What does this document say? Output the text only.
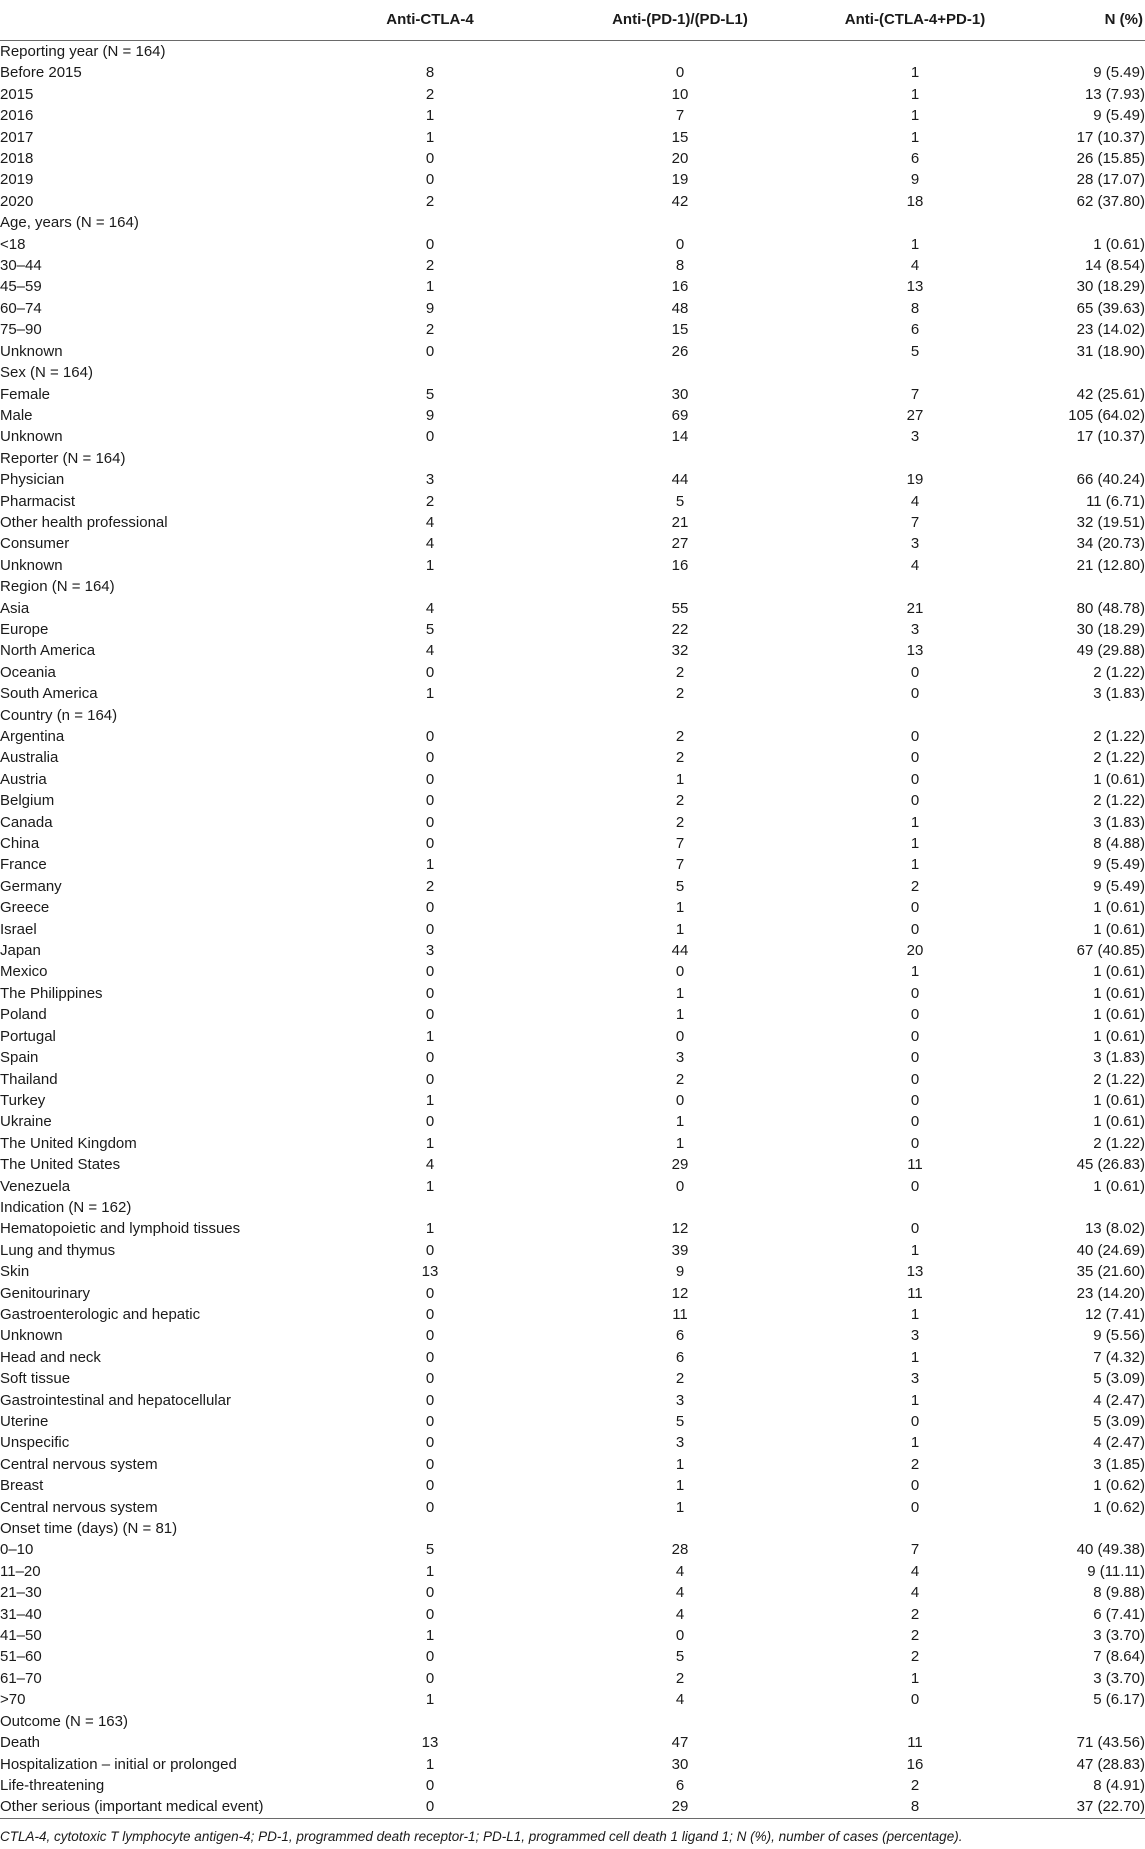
	Anti-CTLA-4	Anti-(PD-1)/(PD-L1)	Anti-(CTLA-4+PD-1)	N (%)
Reporting year (N = 164)				
Before 2015	8	0	1	9 (5.49)
2015	2	10	1	13 (7.93)
2016	1	7	1	9 (5.49)
2017	1	15	1	17 (10.37)
2018	0	20	6	26 (15.85)
2019	0	19	9	28 (17.07)
2020	2	42	18	62 (37.80)
Age, years (N = 164)				
<18	0	0	1	1 (0.61)
30–44	2	8	4	14 (8.54)
45–59	1	16	13	30 (18.29)
60–74	9	48	8	65 (39.63)
75–90	2	15	6	23 (14.02)
Unknown	0	26	5	31 (18.90)
Sex (N = 164)				
Female	5	30	7	42 (25.61)
Male	9	69	27	105 (64.02)
Unknown	0	14	3	17 (10.37)
Reporter (N = 164)				
Physician	3	44	19	66 (40.24)
Pharmacist	2	5	4	11 (6.71)
Other health professional	4	21	7	32 (19.51)
Consumer	4	27	3	34 (20.73)
Unknown	1	16	4	21 (12.80)
Region (N = 164)				
Asia	4	55	21	80 (48.78)
Europe	5	22	3	30 (18.29)
North America	4	32	13	49 (29.88)
Oceania	0	2	0	2 (1.22)
South America	1	2	0	3 (1.83)
Country (n = 164)				
Argentina	0	2	0	2 (1.22)
Australia	0	2	0	2 (1.22)
Austria	0	1	0	1 (0.61)
Belgium	0	2	0	2 (1.22)
Canada	0	2	1	3 (1.83)
China	0	7	1	8 (4.88)
France	1	7	1	9 (5.49)
Germany	2	5	2	9 (5.49)
Greece	0	1	0	1 (0.61)
Israel	0	1	0	1 (0.61)
Japan	3	44	20	67 (40.85)
Mexico	0	0	1	1 (0.61)
The Philippines	0	1	0	1 (0.61)
Poland	0	1	0	1 (0.61)
Portugal	1	0	0	1 (0.61)
Spain	0	3	0	3 (1.83)
Thailand	0	2	0	2 (1.22)
Turkey	1	0	0	1 (0.61)
Ukraine	0	1	0	1 (0.61)
The United Kingdom	1	1	0	2 (1.22)
The United States	4	29	11	45 (26.83)
Venezuela	1	0	0	1 (0.61)
Indication (N = 162)				
Hematopoietic and lymphoid tissues	1	12	0	13 (8.02)
Lung and thymus	0	39	1	40 (24.69)
Skin	13	9	13	35 (21.60)
Genitourinary	0	12	11	23 (14.20)
Gastroenterologic and hepatic	0	11	1	12 (7.41)
Unknown	0	6	3	9 (5.56)
Head and neck	0	6	1	7 (4.32)
Soft tissue	0	2	3	5 (3.09)
Gastrointestinal and hepatocellular	0	3	1	4 (2.47)
Uterine	0	5	0	5 (3.09)
Unspecific	0	3	1	4 (2.47)
Central nervous system	0	1	2	3 (1.85)
Breast	0	1	0	1 (0.62)
Central nervous system	0	1	0	1 (0.62)
Onset time (days) (N = 81)				
0–10	5	28	7	40 (49.38)
11–20	1	4	4	9 (11.11)
21–30	0	4	4	8 (9.88)
31–40	0	4	2	6 (7.41)
41–50	1	0	2	3 (3.70)
51–60	0	5	2	7 (8.64)
61–70	0	2	1	3 (3.70)
>70	1	4	0	5 (6.17)
Outcome (N = 163)				
Death	13	47	11	71 (43.56)
Hospitalization – initial or prolonged	1	30	16	47 (28.83)
Life-threatening	0	6	2	8 (4.91)
Other serious (important medical event)	0	29	8	37 (22.70)
CTLA-4, cytotoxic T lymphocyte antigen-4; PD-1, programmed death receptor-1; PD-L1, programmed cell death 1 ligand 1; N (%), number of cases (percentage).
